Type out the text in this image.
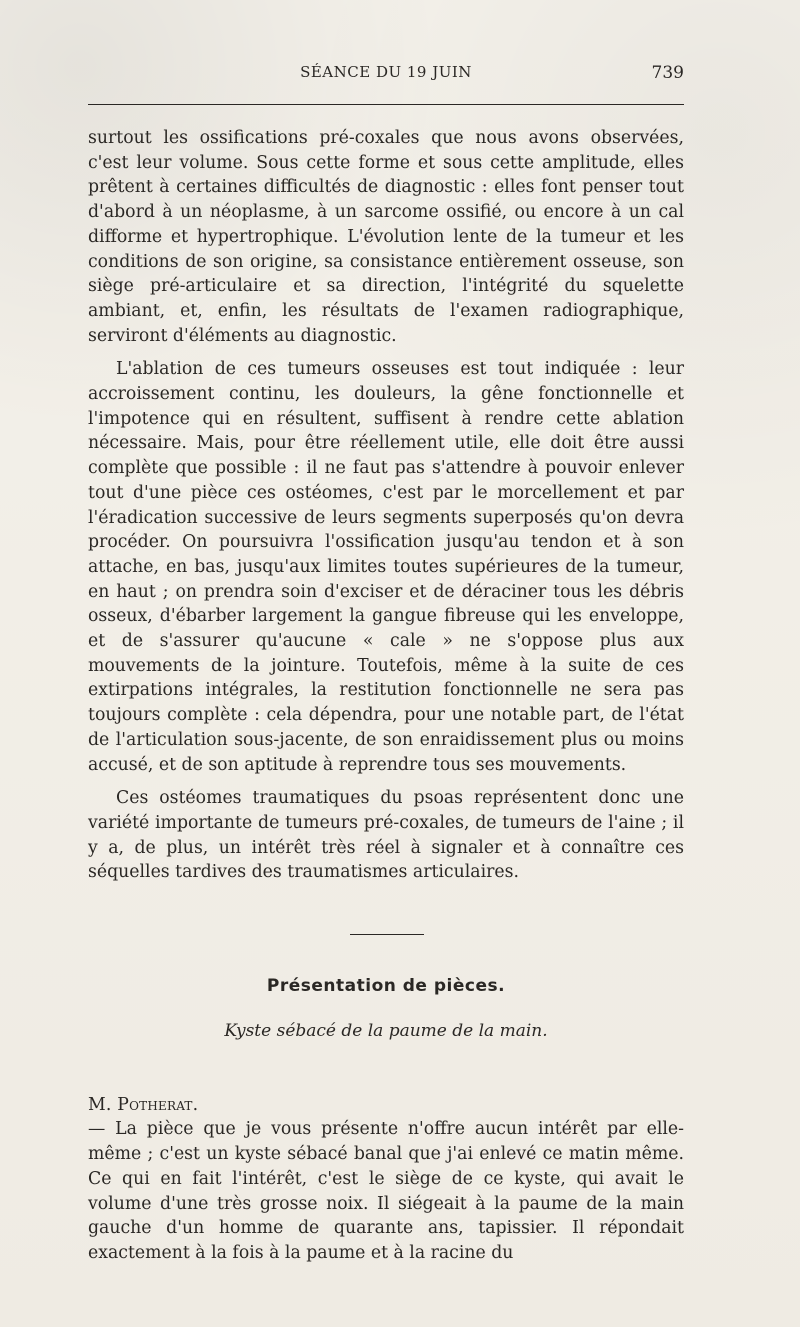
SÉANCE DU 19 JUIN	739

surtout les ossifications pré-coxales que nous avons observées, c'est leur volume. Sous cette forme et sous cette amplitude, elles prêtent à certaines difficultés de diagnostic : elles font penser tout d'abord à un néoplasme, à un sarcome ossifié, ou encore à un cal difforme et hypertrophique. L'évolution lente de la tumeur et les conditions de son origine, sa consistance entièrement osseuse, son siège pré-articulaire et sa direction, l'intégrité du squelette ambiant, et, enfin, les résultats de l'examen radiographique, serviront d'éléments au diagnostic.

L'ablation de ces tumeurs osseuses est tout indiquée : leur accroissement continu, les douleurs, la gêne fonctionnelle et l'impotence qui en résultent, suffisent à rendre cette ablation nécessaire. Mais, pour être réellement utile, elle doit être aussi complète que possible : il ne faut pas s'attendre à pouvoir enlever tout d'une pièce ces ostéomes, c'est par le morcellement et par l'éradication successive de leurs segments superposés qu'on devra procéder. On poursuivra l'ossification jusqu'au tendon et à son attache, en bas, jusqu'aux limites toutes supérieures de la tumeur, en haut ; on prendra soin d'exciser et de déraciner tous les débris osseux, d'ébarber largement la gangue fibreuse qui les enveloppe, et de s'assurer qu'aucune « cale » ne s'oppose plus aux mouvements de la jointure. Toutefois, même à la suite de ces extirpations intégrales, la restitution fonctionnelle ne sera pas toujours complète : cela dépendra, pour une notable part, de l'état de l'articulation sous-jacente, de son enraidissement plus ou moins accusé, et de son aptitude à reprendre tous ses mouvements.

Ces ostéomes traumatiques du psoas représentent donc une variété importante de tumeurs pré-coxales, de tumeurs de l'aine ; il y a, de plus, un intérêt très réel à signaler et à connaître ces séquelles tardives des traumatismes articulaires.

Présentation de pièces.
Kyste sébacé de la paume de la main.

M. Potherat.
— La pièce que je vous présente n'offre aucun intérêt par elle-même ; c'est un kyste sébacé banal que j'ai enlevé ce matin même. Ce qui en fait l'intérêt, c'est le siège de ce kyste, qui avait le volume d'une très grosse noix. Il siégeait à la paume de la main gauche d'un homme de quarante ans, tapissier. Il répondait exactement à la fois à la paume et à la racine du
